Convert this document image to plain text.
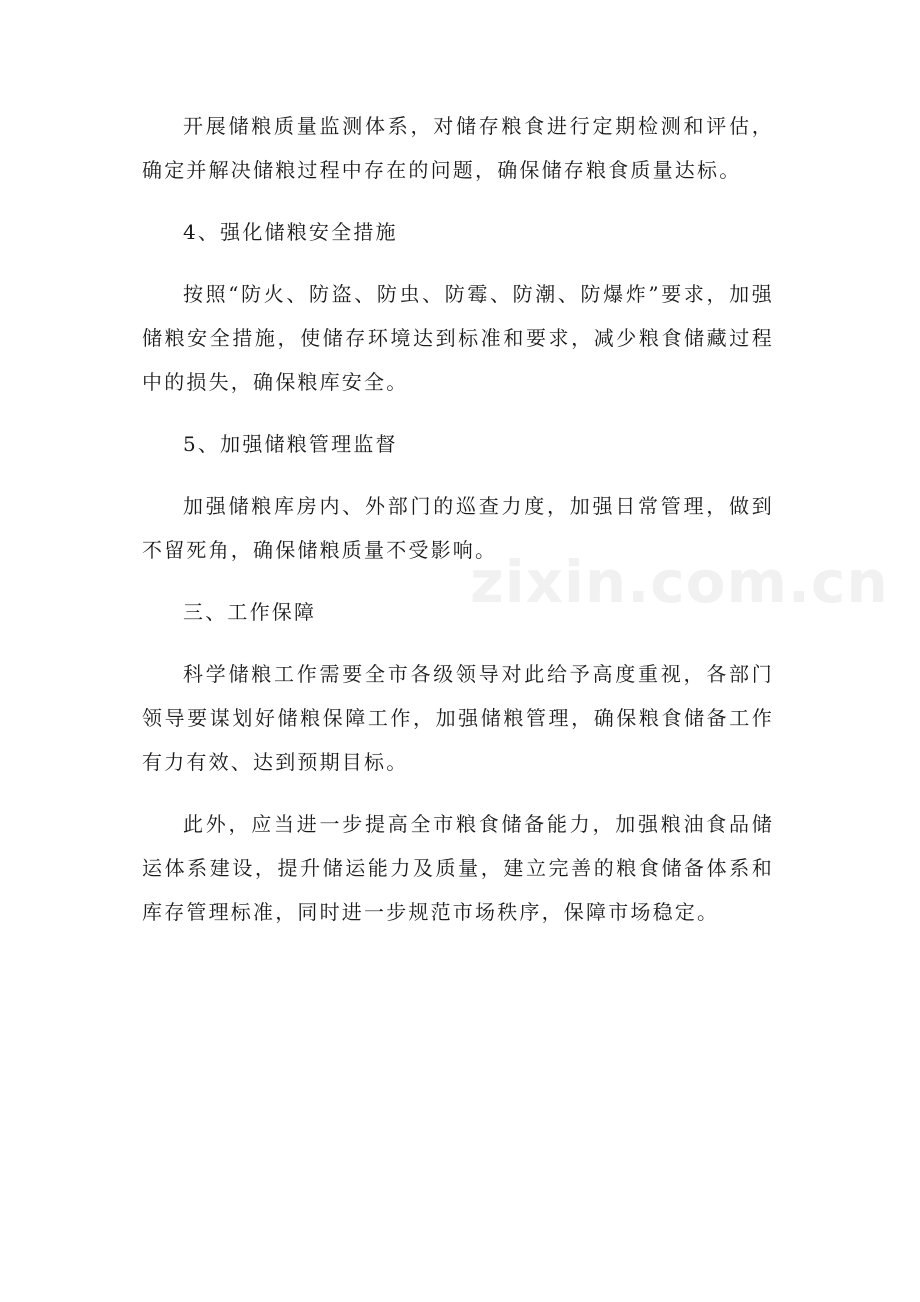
开展储粮质量监测体系，对储存粮食进行定期检测和评估，确定并解决储粮过程中存在的问题，确保储存粮食质量达标。

4、强化储粮安全措施

按照“防火、防盗、防虫、防霉、防潮、防爆炸”要求，加强储粮安全措施，使储存环境达到标准和要求，减少粮食储藏过程中的损失，确保粮库安全。

5、加强储粮管理监督

加强储粮库房内、外部门的巡查力度，加强日常管理，做到不留死角，确保储粮质量不受影响。

三、工作保障

科学储粮工作需要全市各级领导对此给予高度重视，各部门领导要谋划好储粮保障工作，加强储粮管理，确保粮食储备工作有力有效、达到预期目标。

此外，应当进一步提高全市粮食储备能力，加强粮油食品储运体系建设，提升储运能力及质量，建立完善的粮食储备体系和库存管理标准，同时进一步规范市场秩序，保障市场稳定。

zixin.com.cn
